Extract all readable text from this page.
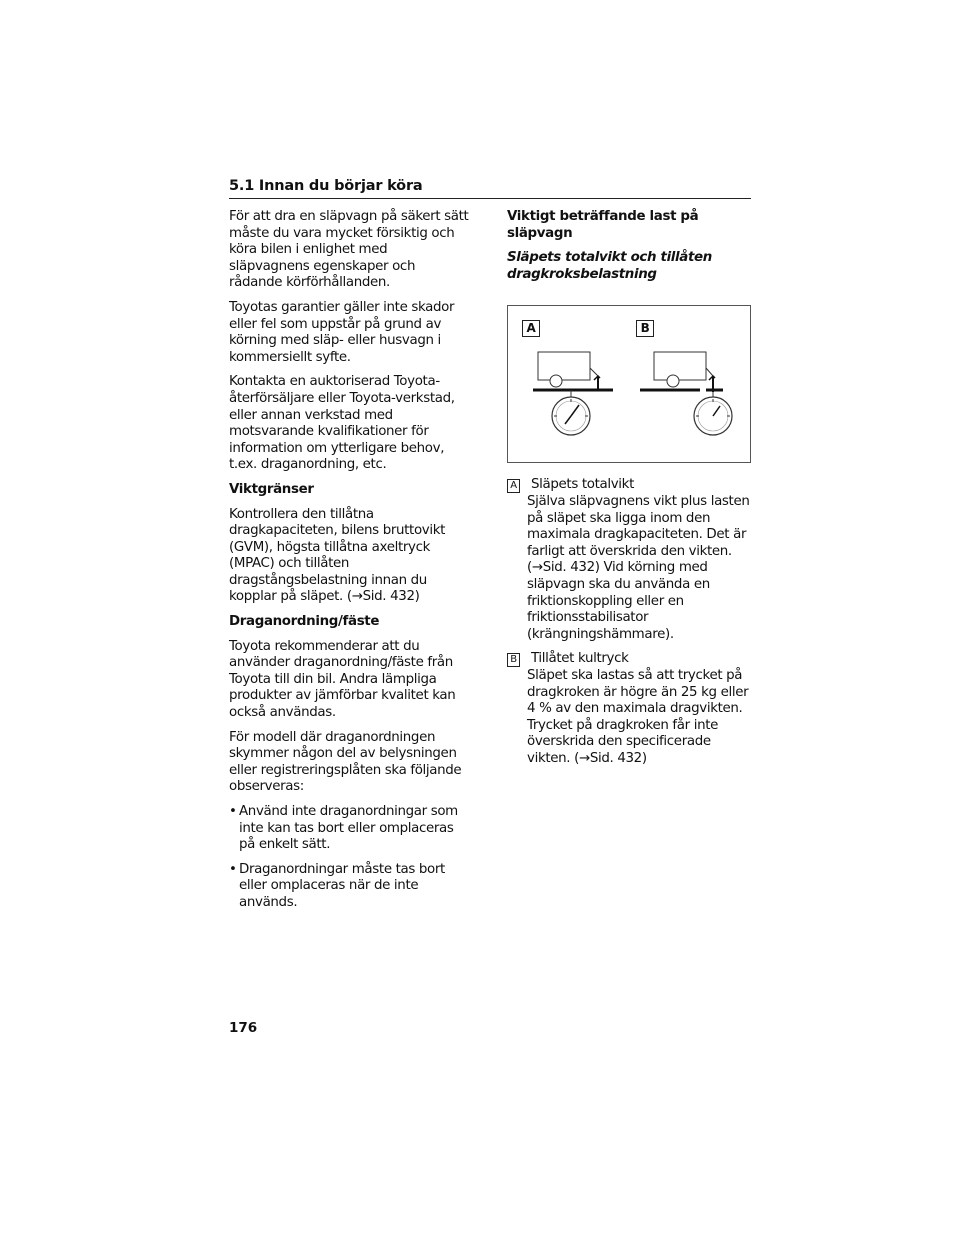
5.1 Innan du börjar köra

För att dra en släpvagn på säkert sätt måste du vara mycket försiktig och köra bilen i enlighet med släpvagnens egenskaper och rådande körförhållanden.

Toyotas garantier gäller inte skador eller fel som uppstår på grund av körning med släp- eller husvagn i kommersiellt syfte.

Kontakta en auktoriserad Toyota-återförsäljare eller Toyota-verkstad, eller annan verkstad med motsvarande kvalifikationer för information om ytterligare behov, t.ex. draganordning, etc.

Viktgränser

Kontrollera den tillåtna dragkapaciteten, bilens bruttovikt (GVM), högsta tillåtna axeltryck (MPAC) och tillåten dragstångsbelastning innan du kopplar på släpet. (→Sid. 432)

Draganordning/fäste

Toyota rekommenderar att du använder draganordning/fäste från Toyota till din bil. Andra lämpliga produkter av jämförbar kvalitet kan också användas.

För modell där draganordningen skymmer någon del av belysningen eller registreringsplåten ska följande observeras:

• Använd inte draganordningar som inte kan tas bort eller omplaceras på enkelt sätt.
• Draganordningar måste tas bort eller omplaceras när de inte används.
Viktigt beträffande last på släpvagn

Släpets totalvikt och tillåten dragkroksbelastning

A	B
A Släpets totalvikt
Själva släpvagnens vikt plus lasten på släpet ska ligga inom den maximala dragkapaciteten. Det är farligt att överskrida den vikten. (→Sid. 432) Vid körning med släpvagn ska du använda en friktionskoppling eller en friktionsstabilisator (krängningshämmare).
B Tillåtet kultryck
Släpet ska lastas så att trycket på dragkroken är högre än 25 kg eller 4 % av den maximala dragvikten. Trycket på dragkroken får inte överskrida den specificerade vikten. (→Sid. 432)
176
